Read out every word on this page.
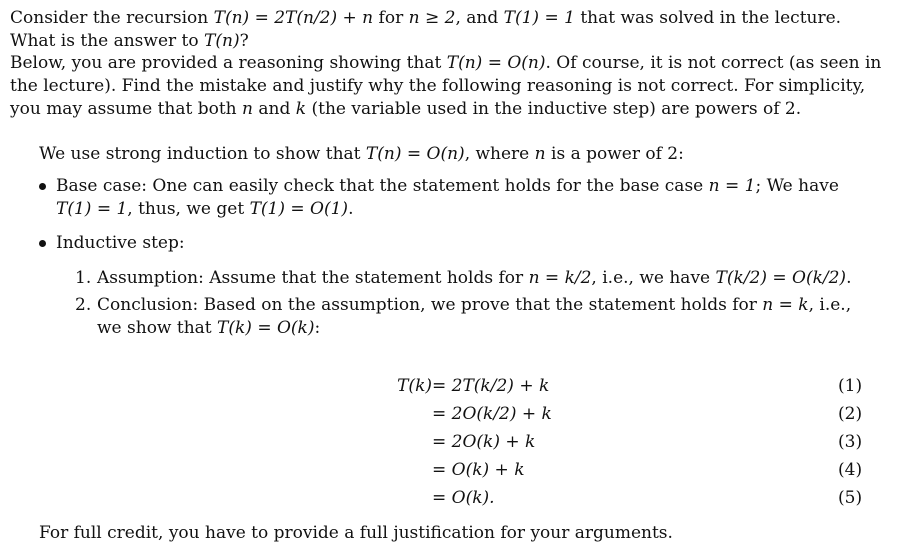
Consider the recursion T(n) = 2T(n/2) + n for n ≥ 2, and T(1) = 1 that was solved in the lecture. What is the answer to T(n)?
Below, you are provided a reasoning showing that T(n) = O(n). Of course, it is not correct (as seen in the lecture). Find the mistake and justify why the following reasoning is not correct. For simplicity, you may assume that both n and k (the variable used in the inductive step) are powers of 2.
We use strong induction to show that T(n) = O(n), where n is a power of 2:
Base case: One can easily check that the statement holds for the base case n = 1; We have T(1) = 1, thus, we get T(1) = O(1).
Inductive step:
1. Assumption: Assume that the statement holds for n = k/2, i.e., we have T(k/2) = O(k/2).
2. Conclusion: Based on the assumption, we prove that the statement holds for n = k, i.e., we show that T(k) = O(k):
T(k) = 2T(k/2) + k	(1)
= 2O(k/2) + k	(2)
= 2O(k) + k	(3)
= O(k) + k	(4)
= O(k).	(5)
For full credit, you have to provide a full justification for your arguments.
